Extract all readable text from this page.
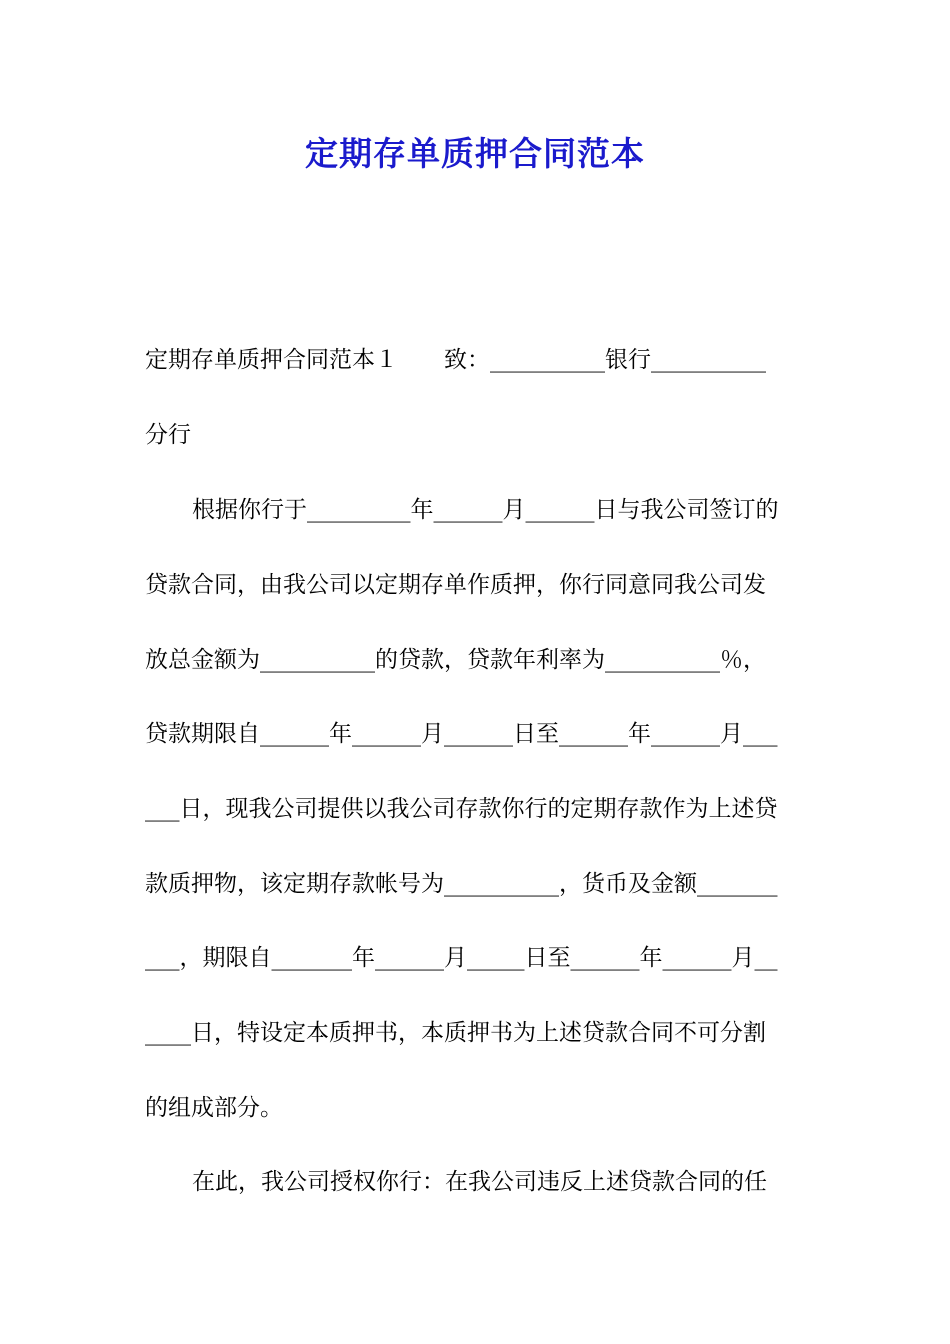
定期存单质押合同范本
定期存单质押合同范本１　　致：__________银行__________
分行
根据你行于_________年______月______日与我公司签订的
贷款合同，由我公司以定期存单作质押，你行同意同我公司发
放总金额为__________的贷款，贷款年利率为__________％，
贷款期限自______年______月______日至______年______月___
___日，现我公司提供以我公司存款你行的定期存款作为上述贷
款质押物，该定期存款帐号为__________，货币及金额_______
___，期限自_______年______月_____日至______年______月__
____日，特设定本质押书，本质押书为上述贷款合同不可分割
的组成部分。
在此，我公司授权你行：在我公司违反上述贷款合同的任
